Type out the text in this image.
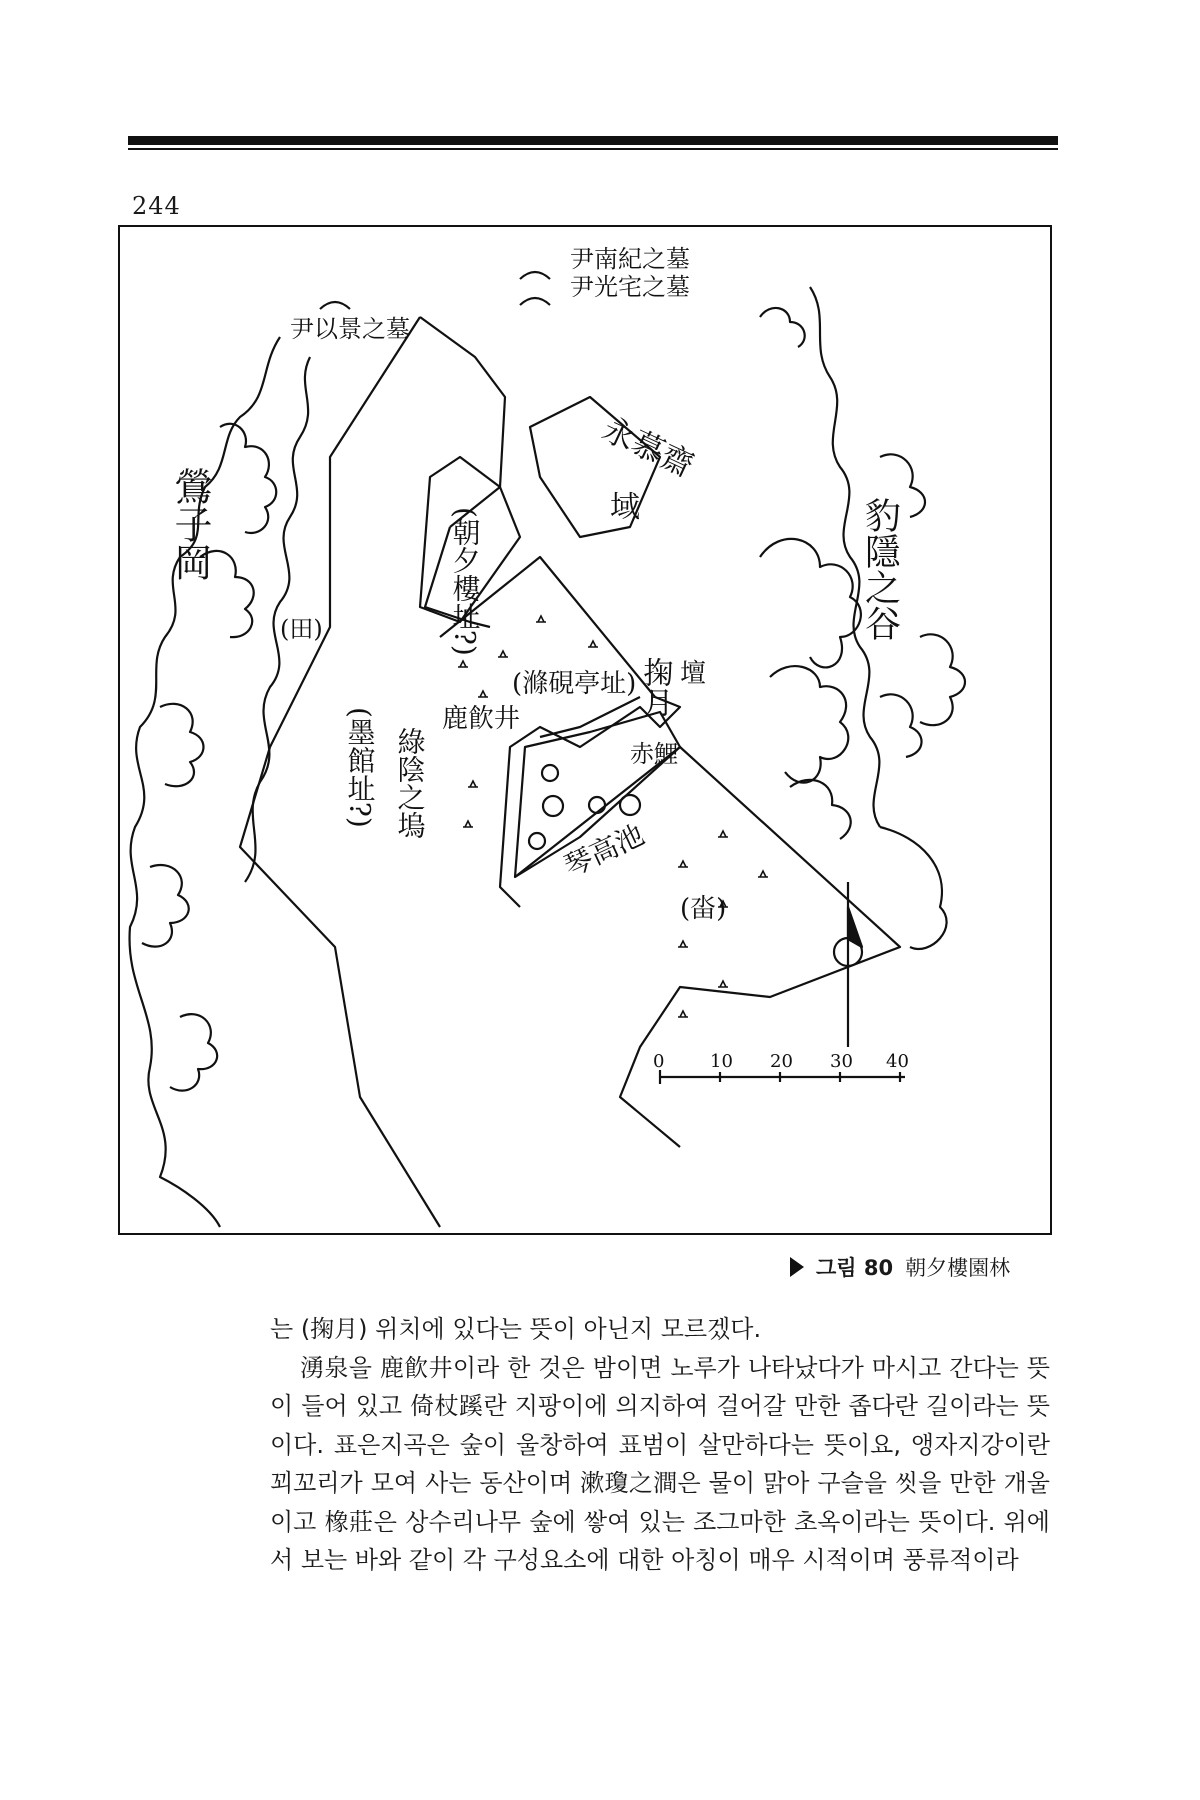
244
尹南紀之墓
尹光宅之墓
尹以景之墓
鶯子岡
永慕齋
域	豹隱之谷
(朝夕樓址?)
(田)
(墨館址?) 綠陰之塢
鹿飮井
(滌硯亭址) 掬月 壇
赤鯉
琴高池
(畓)
0	10 20 30 40
그림 80 朝夕樓園林

는 (掬月) 위치에 있다는 뜻이 아닌지 모르겠다.

湧泉을 鹿飮井이라 한 것은 밤이면 노루가 나타났다가 마시고 간다는 뜻이 들어 있고 倚杖蹊란 지팡이에 의지하여 걸어갈 만한 좁다란 길이라는 뜻이다. 표은지곡은 숲이 울창하여 표범이 살만하다는 뜻이요, 앵자지강이란 꾀꼬리가 모여 사는 동산이며 漱瓊之澗은 물이 맑아 구슬을 씻을 만한 개울이고 橡莊은 상수리나무 숲에 쌓여 있는 조그마한 초옥이라는 뜻이다. 위에서 보는 바와 같이 각 구성요소에 대한 아칭이 매우 시적이며 풍류적이라
